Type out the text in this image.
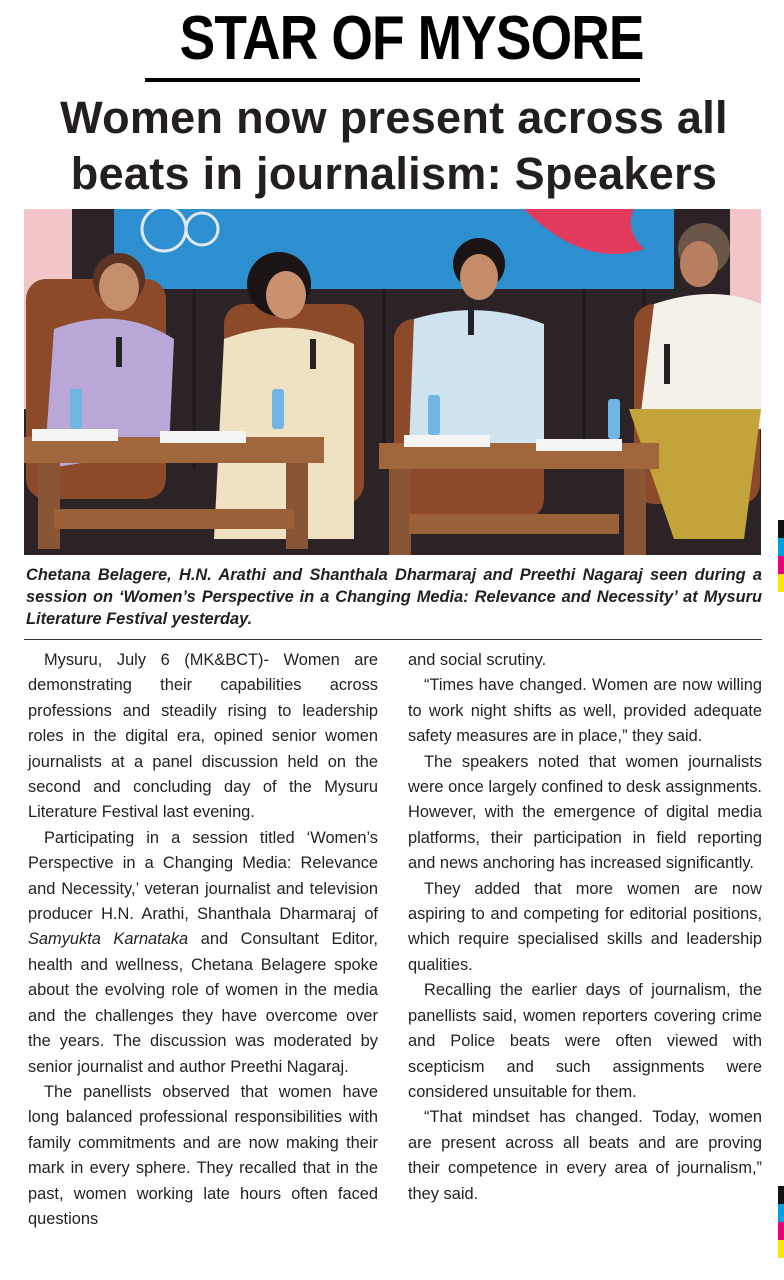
STAR OF MYSORE
Women now present across all beats in journalism: Speakers
Chetana Belagere, H.N. Arathi and Shanthala Dharmaraj and Preethi Nagaraj seen during a session on ‘Women’s Perspective in a Changing Media: Relevance and Necessity’ at Mysuru Literature Festival yesterday.

Mysuru, July 6 (MK&BCT)- Women are demonstrating their capabilities across professions and steadily rising to leadership roles in the digital era, opined senior women journalists at a panel discussion held on the second and concluding day of the Mysuru Literature Festival last evening.

Participating in a session titled ‘Women’s Perspective in a Changing Media: Relevance and Necessity,’ veteran journalist and television producer H.N. Arathi, Shanthala Dharmaraj of Samyukta Karnataka and Consultant Editor, health and wellness, Chetana Belagere spoke about the evolving role of women in the media and the challenges they have overcome over the years. The discussion was moderated by senior journalist and author Preethi Nagaraj.

The panellists observed that women have long balanced professional responsibilities with family commitments and are now making their mark in every sphere. They recalled that in the past, women working late hours often faced questions

and social scrutiny.

“Times have changed. Women are now willing to work night shifts as well, provided adequate safety measures are in place,” they said.

The speakers noted that women journalists were once largely confined to desk assignments. However, with the emergence of digital media platforms, their participation in field reporting and news anchoring has increased significantly.

They added that more women are now aspiring to and competing for editorial positions, which require specialised skills and leadership qualities.

Recalling the earlier days of journalism, the panellists said, women reporters covering crime and Police beats were often viewed with scepticism and such assignments were considered unsuitable for them.

“That mindset has changed. Today, women are present across all beats and are proving their competence in every area of journalism,” they said.
